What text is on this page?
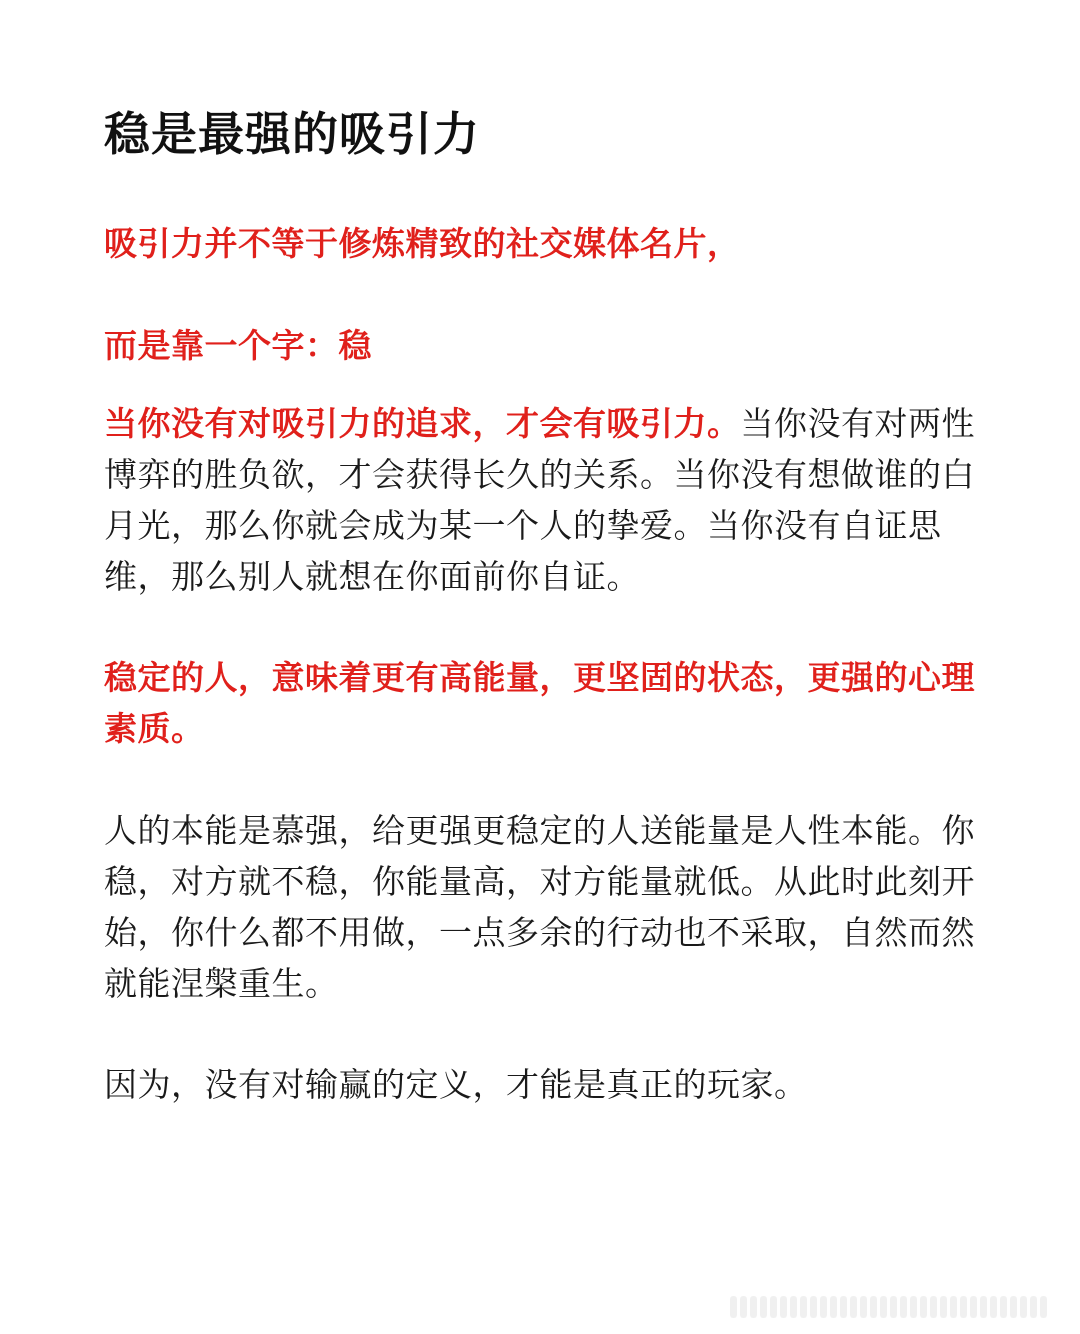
稳是最强的吸引力

吸引力并不等于修炼精致的社交媒体名片，

而是靠一个字：稳

当你没有对吸引力的追求，才会有吸引力。当你没有对两性博弈的胜负欲，才会获得长久的关系。当你没有想做谁的白月光，那么你就会成为某一个人的挚爱。当你没有自证思维，那么别人就想在你面前你自证。

稳定的人，意味着更有高能量，更坚固的状态，更强的心理素质。

人的本能是慕强，给更强更稳定的人送能量是人性本能。你稳，对方就不稳，你能量高，对方能量就低。从此时此刻开始，你什么都不用做，一点多余的行动也不采取，自然而然就能涅槃重生。

因为，没有对输赢的定义，才能是真正的玩家。
